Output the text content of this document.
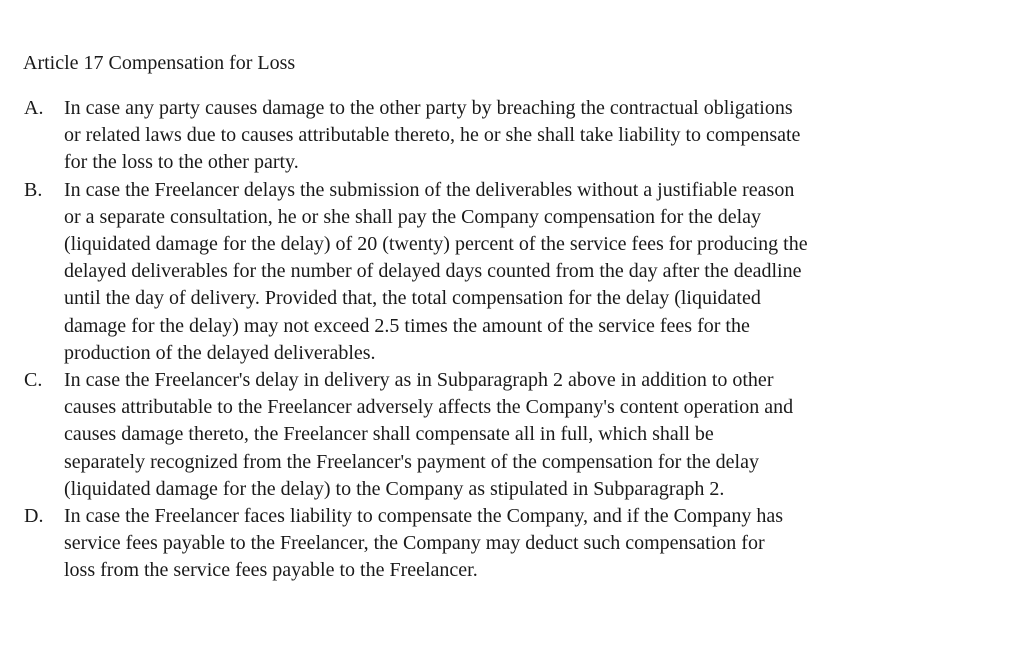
Article 17 Compensation for Loss
A.	In case any party causes damage to the other party by breaching the contractual obligations
or related laws due to causes attributable thereto, he or she shall take liability to compensate
for the loss to the other party.
B.	In case the Freelancer delays the submission of the deliverables without a justifiable reason
or a separate consultation, he or she shall pay the Company compensation for the delay
(liquidated damage for the delay) of 20 (twenty) percent of the service fees for producing the
delayed deliverables for the number of delayed days counted from the day after the deadline
until the day of delivery. Provided that, the total compensation for the delay (liquidated
damage for the delay) may not exceed 2.5 times the amount of the service fees for the
production of the delayed deliverables.
C.	In case the Freelancer's delay in delivery as in Subparagraph 2 above in addition to other
causes attributable to the Freelancer adversely affects the Company's content operation and
causes damage thereto, the Freelancer shall compensate all in full, which shall be
separately recognized from the Freelancer's payment of the compensation for the delay
(liquidated damage for the delay) to the Company as stipulated in Subparagraph 2.
D.	In case the Freelancer faces liability to compensate the Company, and if the Company has
service fees payable to the Freelancer, the Company may deduct such compensation for
loss from the service fees payable to the Freelancer.
